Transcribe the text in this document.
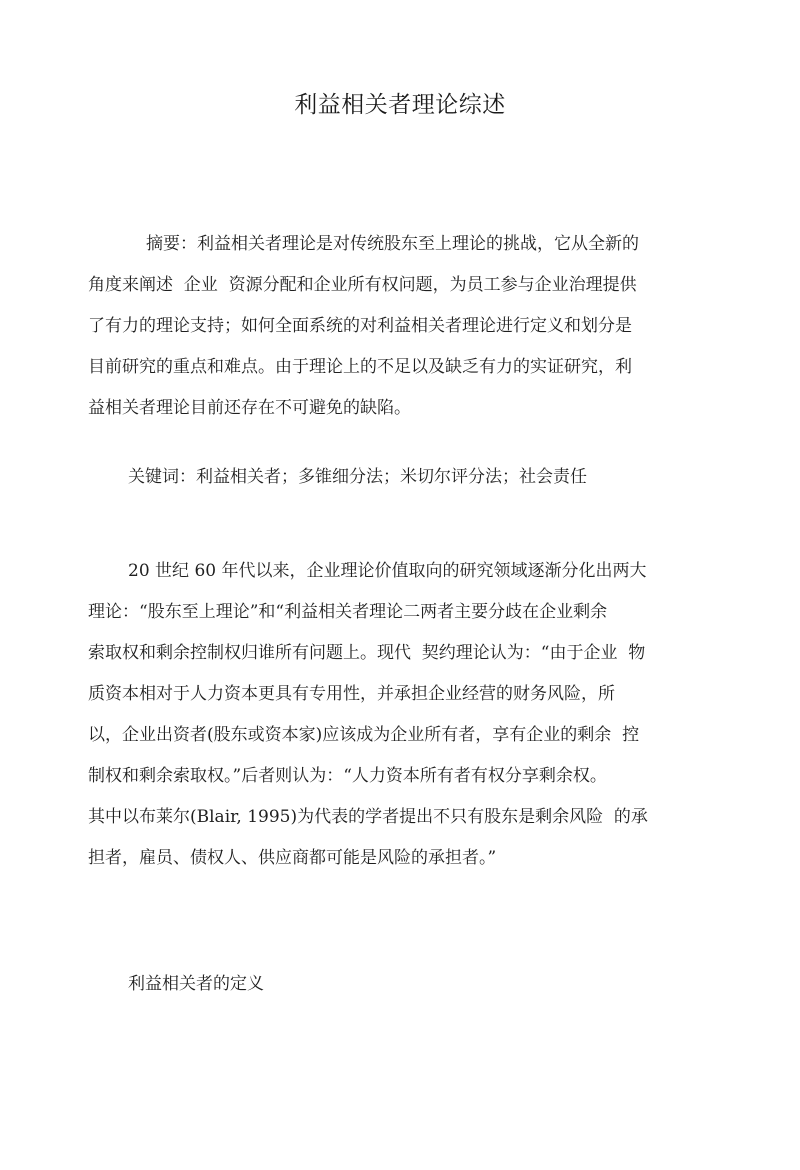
利益相关者理论综述
摘要：利益相关者理论是对传统股东至上理论的挑战，它从全新的
角度来阐述  企业  资源分配和企业所有权问题，为员工参与企业治理提供
了有力的理论支持；如何全面系统的对利益相关者理论进行定义和划分是
目前研究的重点和难点。由于理论上的不足以及缺乏有力的实证研究，利
益相关者理论目前还存在不可避免的缺陷。
关键词：利益相关者；多锥细分法；米切尔评分法；社会责任
20 世纪 60 年代以来，企业理论价值取向的研究领域逐渐分化出两大
理论：“股东至上理论”和“利益相关者理论二两者主要分歧在企业剩余
索取权和剩余控制权归谁所有问题上。现代  契约理论认为：“由于企业  物
质资本相对于人力资本更具有专用性，并承担企业经营的财务风险，所
以，企业出资者(股东或资本家)应该成为企业所有者，享有企业的剩余  控
制权和剩余索取权。”后者则认为：“人力资本所有者有权分享剩余权。
其中以布莱尔(Blair, 1995)为代表的学者提出不只有股东是剩余风险  的承
担者，雇员、债权人、供应商都可能是风险的承担者。”
利益相关者的定义
